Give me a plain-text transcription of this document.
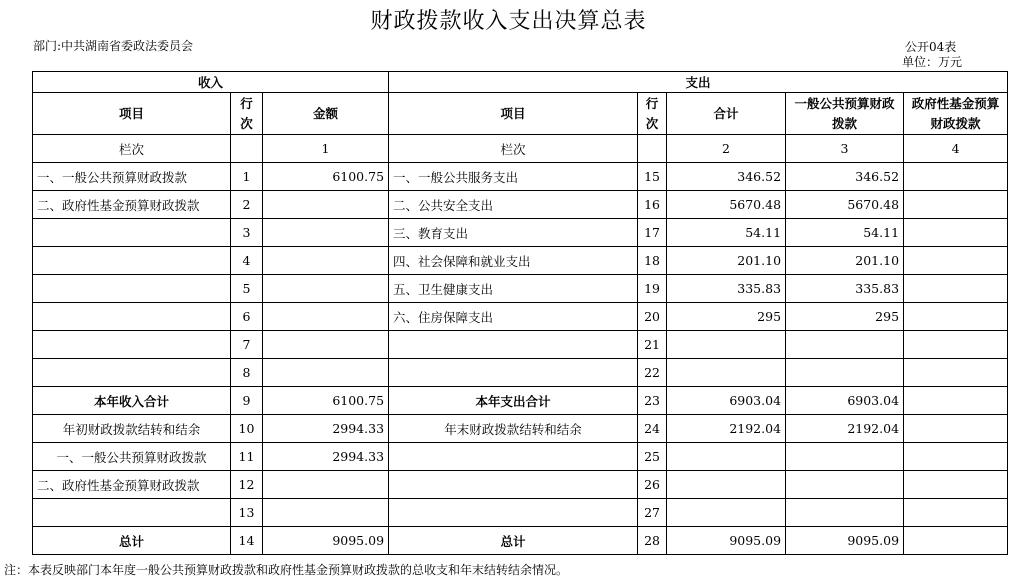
财政拨款收入支出决算总表
部门:中共湖南省委政法委员会	公开04表
单位：万元
收入			支出				
项目	行次	金额	项目	行次	合计	一般公共预算财政拨款	政府性基金预算财政拨款
栏次		1	栏次		2	3	4
一、一般公共预算财政拨款	1	6100.75	一、一般公共服务支出	15	346.52	346.52	
二、政府性基金预算财政拨款	2		二、公共安全支出	16	5670.48	5670.48	
	3		三、教育支出	17	54.11	54.11	
	4		四、社会保障和就业支出	18	201.10	201.10	
	5		五、卫生健康支出	19	335.83	335.83	
	6		六、住房保障支出	20	295	295	
	7			21			
	8			22			
本年收入合计	9	6100.75	本年支出合计	23	6903.04	6903.04	
年初财政拨款结转和结余	10	2994.33	年末财政拨款结转和结余	24	2192.04	2192.04	
一、一般公共预算财政拨款	11	2994.33		25			
二、政府性基金预算财政拨款	12			26			
	13			27			
总计	14	9095.09	总计	28	9095.09	9095.09	
注：本表反映部门本年度一般公共预算财政拨款和政府性基金预算财政拨款的总收支和年末结转结余情况。
